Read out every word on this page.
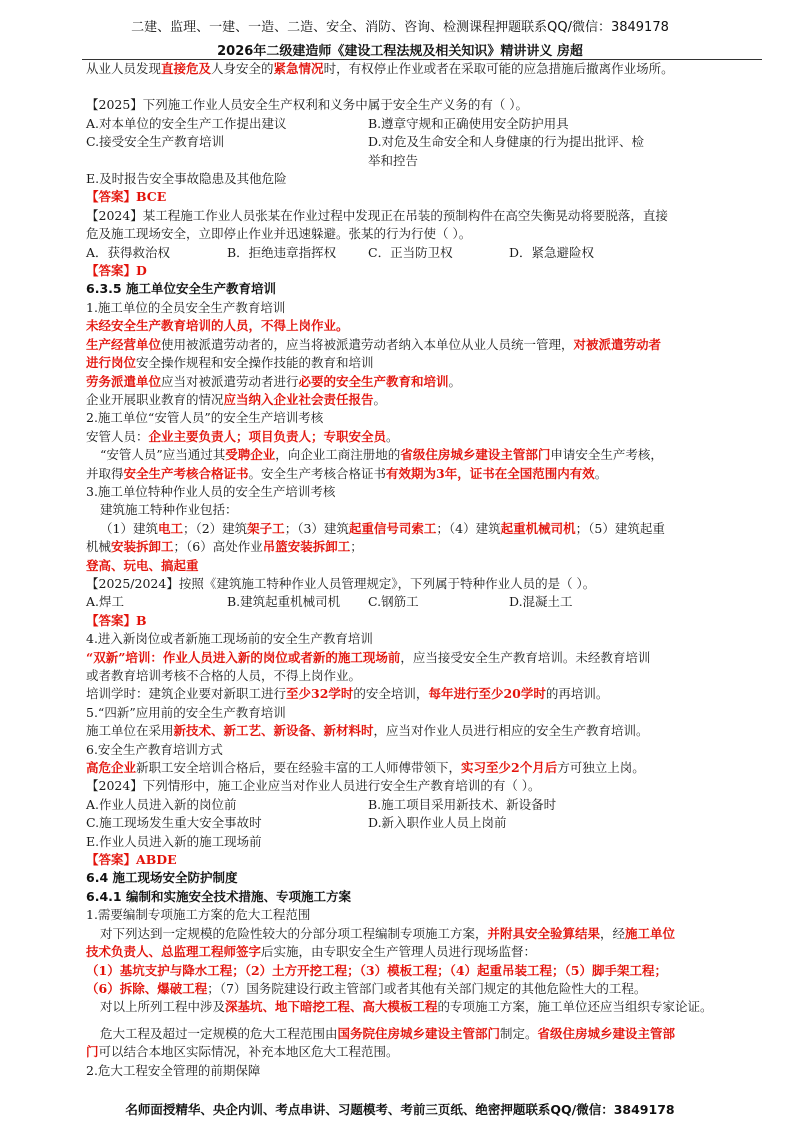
二建、监理、一建、一造、二造、安全、消防、咨询、检测课程押题联系QQ/微信：3849178
2026年二级建造师《建设工程法规及相关知识》精讲讲义 房超

从业人员发现直接危及人身安全的紧急情况时，有权停止作业或者在采取可能的应急措施后撤离作业场所。

【2025】下列施工作业人员安全生产权利和义务中属于安全生产义务的有（ ）。

A.对本单位的安全生产工作提出建议	B.遵章守规和正确使用安全防护用具
C.接受安全生产教育培训	D.对危及生命安全和人身健康的行为提出批评、检举和控告

E.及时报告安全事故隐患及其他危险

【答案】BCE

【2024】某工程施工作业人员张某在作业过程中发现正在吊装的预制构件在高空失衡晃动将要脱落，直接

危及施工现场安全，立即停止作业并迅速躲避。张某的行为行使（ ）。

A．获得救治权	B．拒绝违章指挥权	C．正当防卫权	D．紧急避险权

【答案】D

6.3.5 施工单位安全生产教育培训

1.施工单位的全员安全生产教育培训

未经安全生产教育培训的人员，不得上岗作业。

生产经营单位使用被派遣劳动者的，应当将被派遣劳动者纳入本单位从业人员统一管理，对被派遣劳动者

进行岗位安全操作规程和安全操作技能的教育和培训

劳务派遣单位应当对被派遣劳动者进行必要的安全生产教育和培训。

企业开展职业教育的情况应当纳入企业社会责任报告。

2.施工单位“安管人员”的安全生产培训考核

安管人员：企业主要负责人；项目负责人；专职安全员。

“安管人员”应当通过其受聘企业，向企业工商注册地的省级住房城乡建设主管部门申请安全生产考核，

并取得安全生产考核合格证书。安全生产考核合格证书有效期为3年，证书在全国范围内有效。

3.施工单位特种作业人员的安全生产培训考核

建筑施工特种作业包括：

（1）建筑电工；（2）建筑架子工；（3）建筑起重信号司索工；（4）建筑起重机械司机；（5）建筑起重

机械安装拆卸工；（6）高处作业吊篮安装拆卸工；

登高、玩电、搞起重

【2025/2024】按照《建筑施工特种作业人员管理规定》，下列属于特种作业人员的是（ ）。

A.焊工	B.建筑起重机械司机	C.钢筋工	D.混凝土工

【答案】B

4.进入新岗位或者新施工现场前的安全生产教育培训

“双新”培训：作业人员进入新的岗位或者新的施工现场前，应当接受安全生产教育培训。未经教育培训

或者教育培训考核不合格的人员，不得上岗作业。

培训学时：建筑企业要对新职工进行至少32学时的安全培训，每年进行至少20学时的再培训。

5.“四新”应用前的安全生产教育培训

施工单位在采用新技术、新工艺、新设备、新材料时，应当对作业人员进行相应的安全生产教育培训。

6.安全生产教育培训方式

高危企业新职工安全培训合格后，要在经验丰富的工人师傅带领下，实习至少2个月后方可独立上岗。

【2024】下列情形中，施工企业应当对作业人员进行安全生产教育培训的有（ ）。

A.作业人员进入新的岗位前	B.施工项目采用新技术、新设备时
C.施工现场发生重大安全事故时	D.新入职作业人员上岗前

E.作业人员进入新的施工现场前

【答案】ABDE

6.4 施工现场安全防护制度

6.4.1 编制和实施安全技术措施、专项施工方案

1.需要编制专项施工方案的危大工程范围

对下列达到一定规模的危险性较大的分部分项工程编制专项施工方案，并附具安全验算结果，经施工单位

技术负责人、总监理工程师签字后实施，由专职安全生产管理人员进行现场监督：

（1）基坑支护与降水工程；（2）土方开挖工程；（3）模板工程；（4）起重吊装工程；（5）脚手架工程；

（6）拆除、爆破工程；（7）国务院建设行政主管部门或者其他有关部门规定的其他危险性大的工程。

对以上所列工程中涉及深基坑、地下暗挖工程、高大模板工程的专项施工方案，施工单位还应当组织专家论证。

危大工程及超过一定规模的危大工程范围由国务院住房城乡建设主管部门制定。省级住房城乡建设主管部

门可以结合本地区实际情况，补充本地区危大工程范围。

2.危大工程安全管理的前期保障

名师面授精华、央企内训、考点串讲、习题模考、考前三页纸、绝密押题联系QQ/微信：3849178
